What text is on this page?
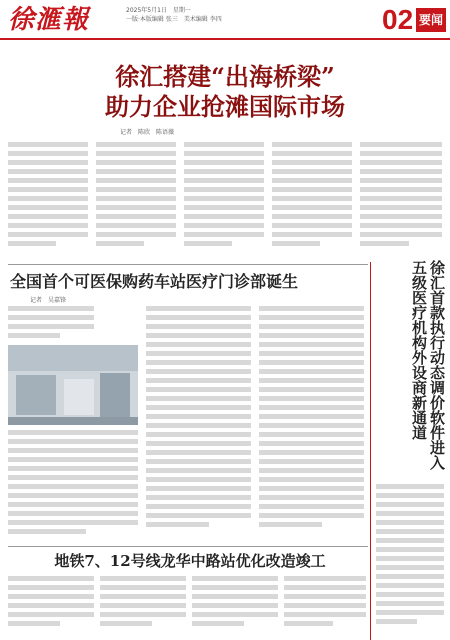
徐滙報	2025年5月1日　星期一
一版·本版编辑 张三　美术编辑 李四	02 要闻
徐汇搭建“出海桥梁”
助力企业抢滩国际市场
记者　陈欣　陈语薇
全国首个可医保购药车站医疗门诊部诞生
记者　吴嘉锋	徐汇首款执行动态调价软件进入五级医疗机构外设商新通道
地铁7、12号线龙华中路站优化改造竣工
